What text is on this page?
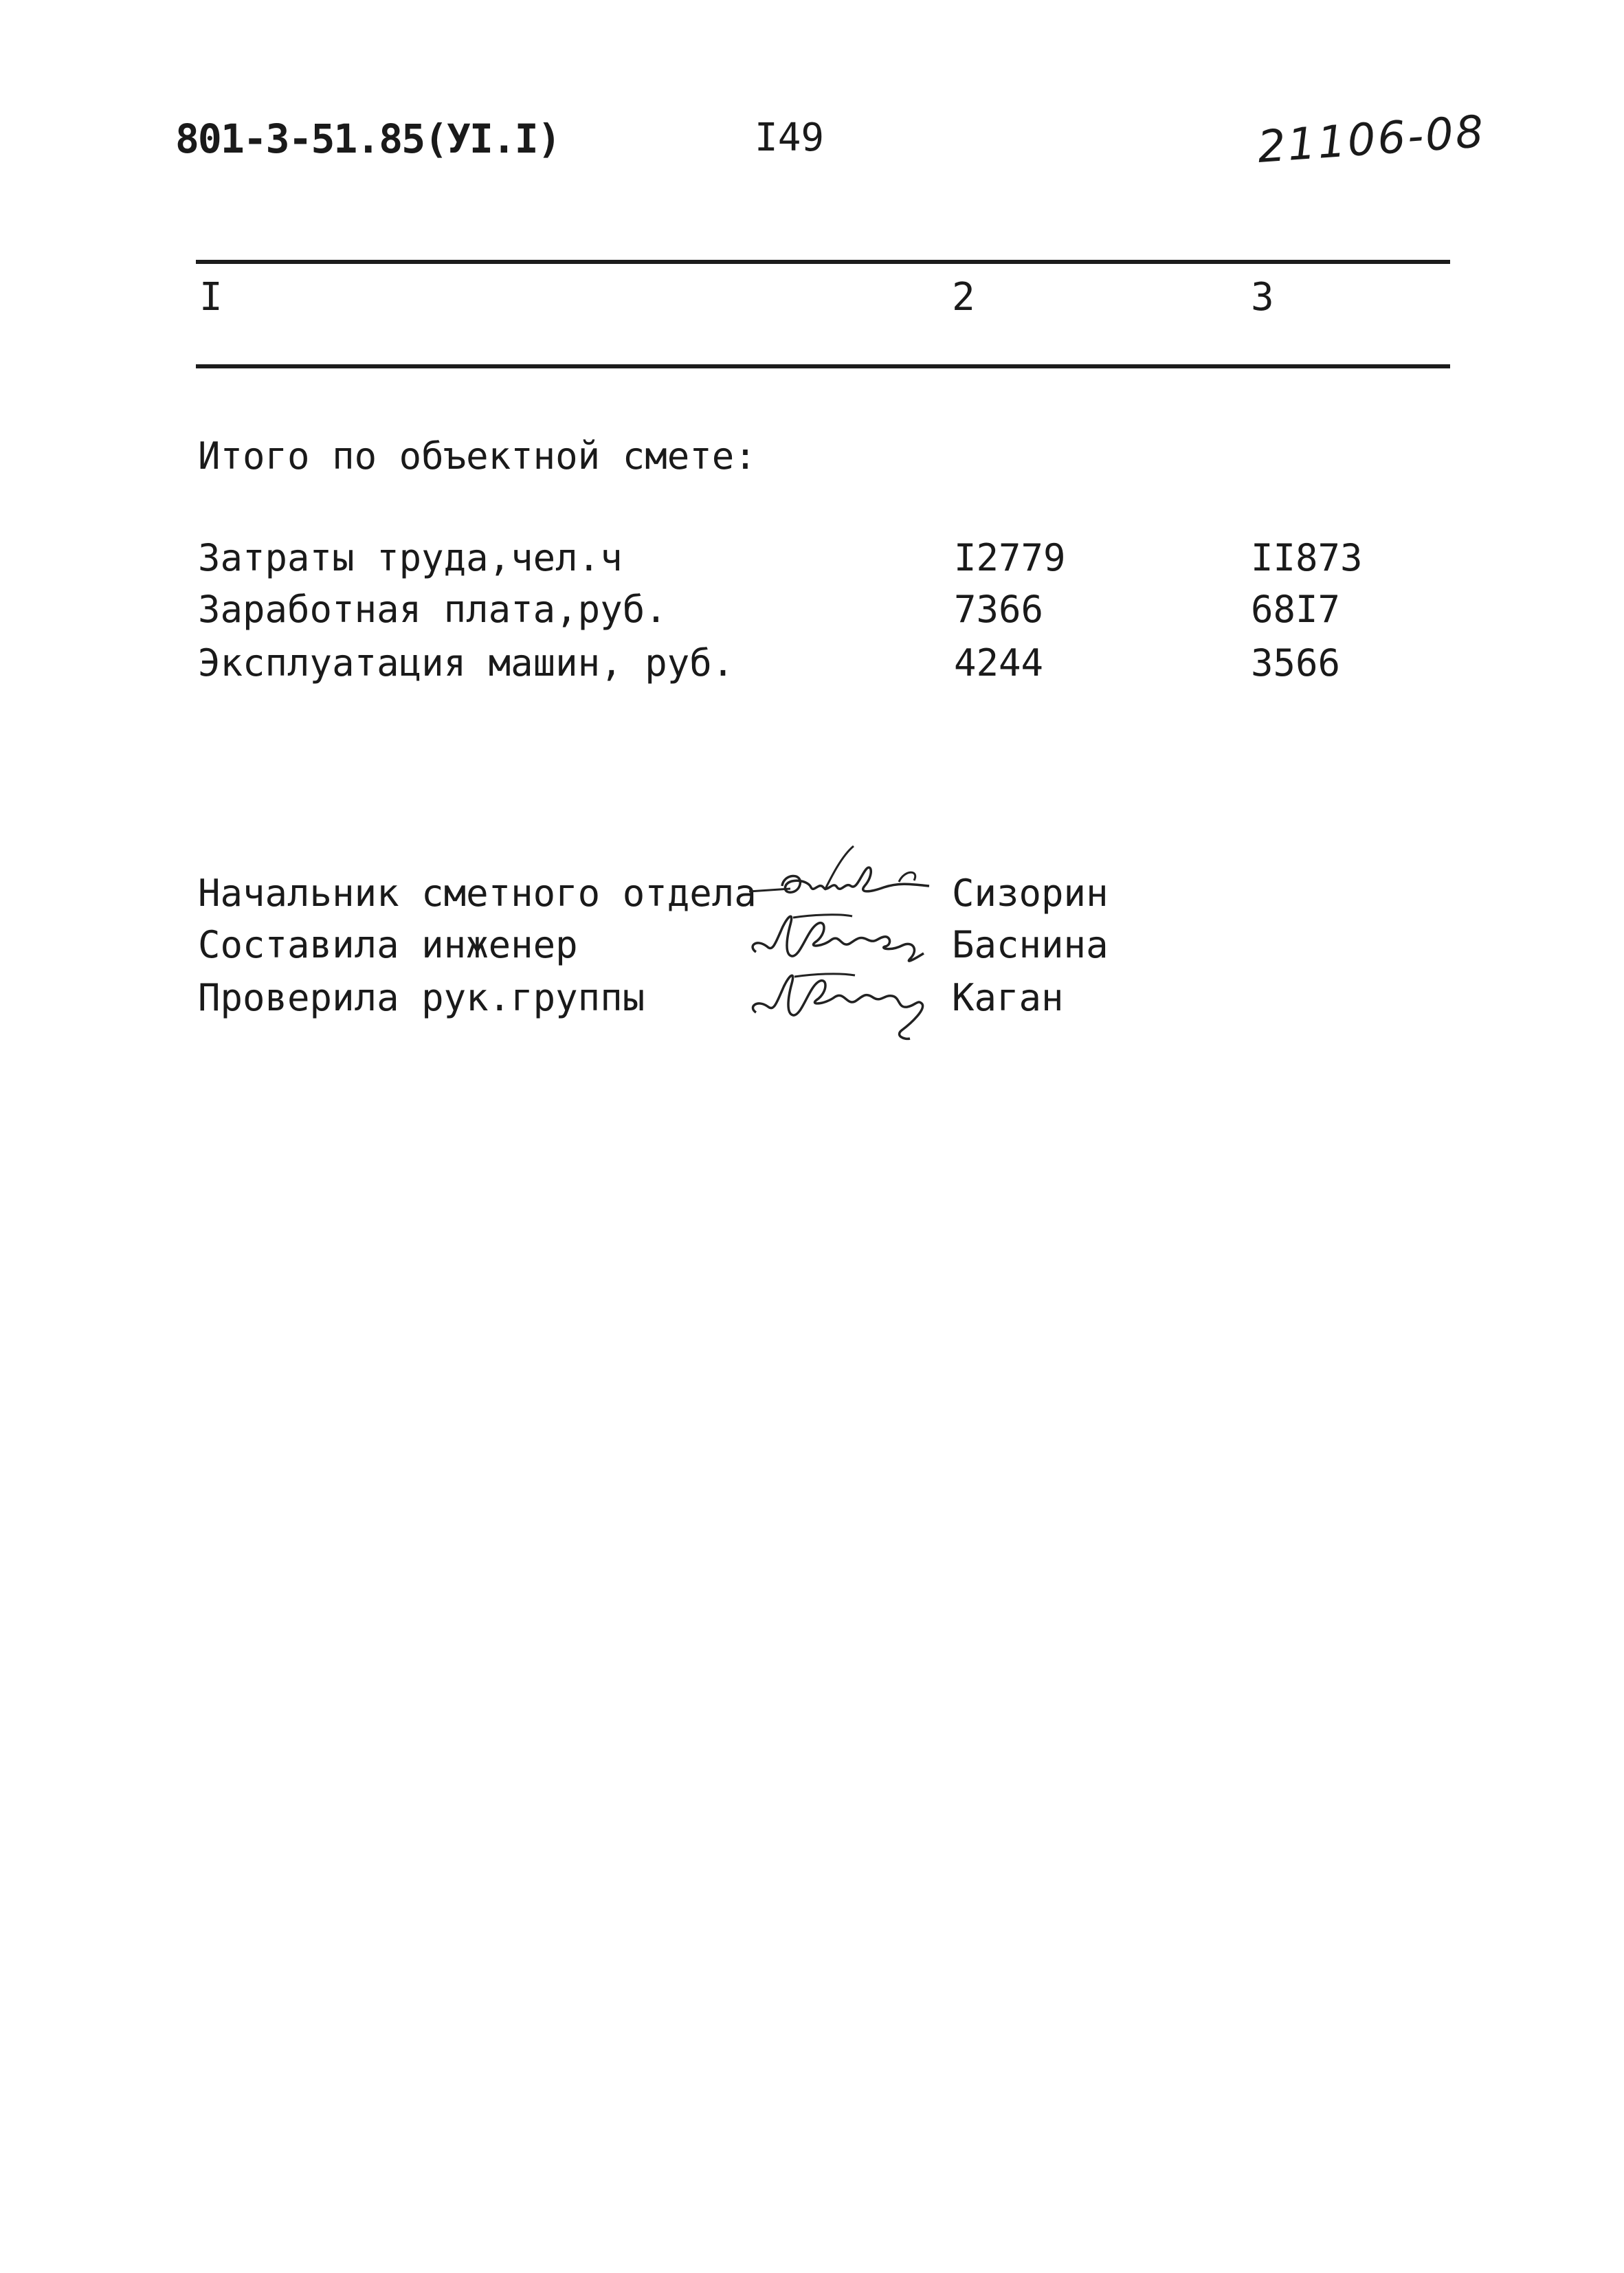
801-3-51.85(УI.I)	I49	21106-08
I	2	3
Итого по объектной смете:
Затраты труда,чел.ч	I2779	II873
Заработная плата,руб.	7366	68I7
Эксплуатация машин, руб.	4244	3566
Начальник сметного отдела	Сизорин
Составила инженер	Баснина
Проверила рук.группы	Каган
